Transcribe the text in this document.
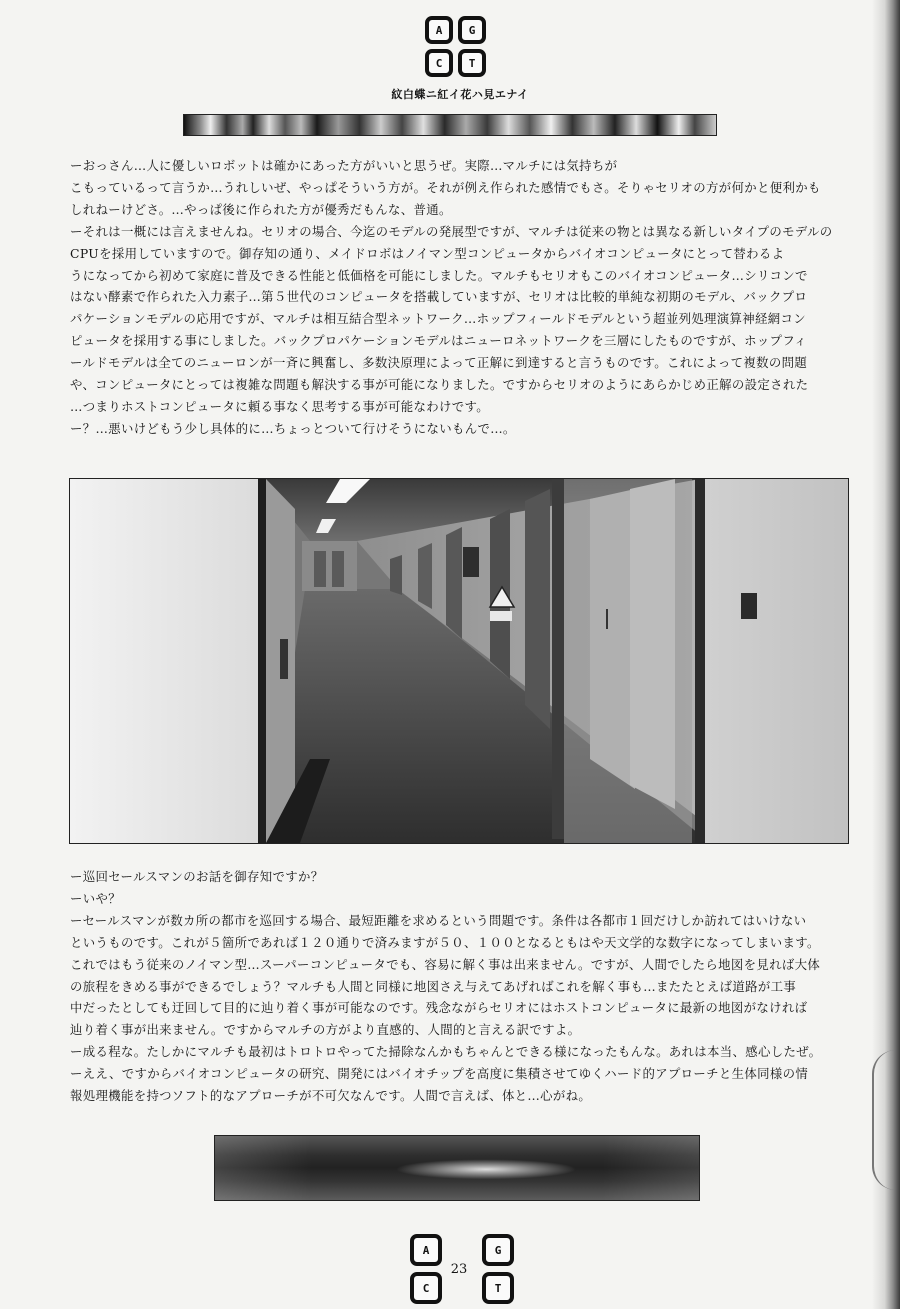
A	G
C	T
紋白蝶ニ紅イ花ハ見エナイ

ーおっさん…人に優しいロボットは確かにあった方がいいと思うぜ。実際…マルチには気持ちが

こもっているって言うか…うれしいぜ、やっぱそういう方が。それが例え作られた感情でもさ。そりゃセリオの方が何かと便利かも

しれねーけどさ。…やっぱ後に作られた方が優秀だもんな、普通。

ーそれは一概には言えませんね。セリオの場合、今迄のモデルの発展型ですが、マルチは従来の物とは異なる新しいタイプのモデルの

CPUを採用していますので。御存知の通り、メイドロボはノイマン型コンピュータからバイオコンピュータにとって替わるよ

うになってから初めて家庭に普及できる性能と低価格を可能にしました。マルチもセリオもこのバイオコンピュータ…シリコンで

はない酵素で作られた入力素子…第５世代のコンピュータを搭載していますが、セリオは比較的単純な初期のモデル、バックプロ

パケーションモデルの応用ですが、マルチは相互結合型ネットワーク…ホップフィールドモデルという超並列処理演算神経網コン

ピュータを採用する事にしました。バックプロパケーションモデルはニューロネットワークを三層にしたものですが、ホップフィ

ールドモデルは全てのニューロンが一斉に興奮し、多数決原理によって正解に到達すると言うものです。これによって複数の問題

や、コンピュータにとっては複雑な問題も解決する事が可能になりました。ですからセリオのようにあらかじめ正解の設定された

…つまりホストコンピュータに頼る事なく思考する事が可能なわけです。

ー？…悪いけどもう少し具体的に…ちょっとついて行けそうにないもんで…。

ー巡回セールスマンのお話を御存知ですか？

ーいや？

ーセールスマンが数カ所の都市を巡回する場合、最短距離を求めるという問題です。条件は各都市１回だけしか訪れてはいけない

というものです。これが５箇所であれば１２０通りで済みますが５０、１００となるともはや天文学的な数字になってしまいます。

これではもう従来のノイマン型…スーパーコンピュータでも、容易に解く事は出来ません。ですが、人間でしたら地図を見れば大体

の旅程をきめる事ができるでしょう？マルチも人間と同様に地図さえ与えてあげればこれを解く事も…またたとえば道路が工事

中だったとしても迂回して目的に辿り着く事が可能なのです。残念ながらセリオにはホストコンピュータに最新の地図がなければ

辿り着く事が出来ません。ですからマルチの方がより直感的、人間的と言える訳ですよ。

ー成る程な。たしかにマルチも最初はトロトロやってた掃除なんかもちゃんとできる様になったもんな。あれは本当、感心したぜ。

ーええ、ですからバイオコンピュータの研究、開発にはバイオチップを高度に集積させてゆくハード的アプローチと生体同様の情

報処理機能を持つソフト的なアプローチが不可欠なんです。人間で言えば、体と…心がね。

A	G
C	T
23
